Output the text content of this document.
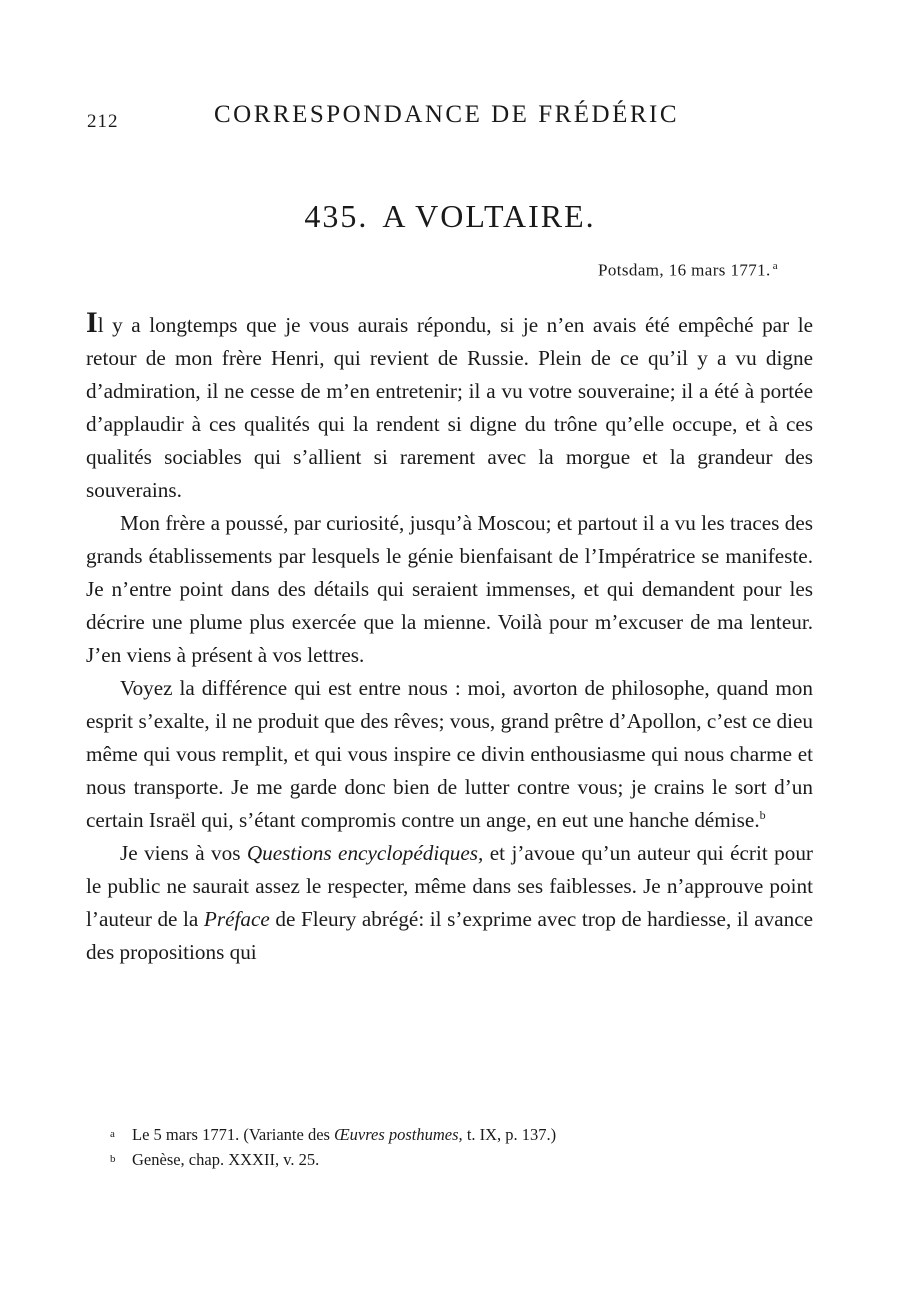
212	CORRESPONDANCE DE FRÉDÉRIC
435. A VOLTAIRE.
Potsdam, 16 mars 1771. $^a$

Il y a longtemps que je vous aurais répondu, si je n’en avais été empêché par le retour de mon frère Henri, qui revient de Russie. Plein de ce qu’il y a vu digne d’admiration, il ne cesse de m’en entretenir; il a vu votre souveraine; il a été à portée d’applaudir à ces qualités qui la rendent si digne du trône qu’elle occupe, et à ces qualités sociables qui s’allient si rarement avec la morgue et la grandeur des souverains.

Mon frère a poussé, par curiosité, jusqu’à Moscou; et partout il a vu les traces des grands établissements par lesquels le génie bienfaisant de l’Impératrice se manifeste. Je n’entre point dans des détails qui seraient immenses, et qui demandent pour les décrire une plume plus exercée que la mienne. Voilà pour m’excuser de ma lenteur. J’en viens à présent à vos lettres.

Voyez la différence qui est entre nous : moi, avorton de philosophe, quand mon esprit s’exalte, il ne produit que des rêves; vous, grand prêtre d’Apollon, c’est ce dieu même qui vous remplit, et qui vous inspire ce divin enthousiasme qui nous charme et nous transporte. Je me garde donc bien de lutter contre vous; je crains le sort d’un certain Israël qui, s’étant compromis contre un ange, en eut une hanche démise.$^b$

Je viens à vos Questions encyclopédiques, et j’avoue qu’un auteur qui écrit pour le public ne saurait assez le respecter, même dans ses faiblesses. Je n’approuve point l’auteur de la Préface de Fleury abrégé: il s’exprime avec trop de hardiesse, il avance des propositions qui

a Le 5 mars 1771. (Variante des Œuvres posthumes, t. IX, p. 137.)

b Genèse, chap. XXXII, v. 25.
